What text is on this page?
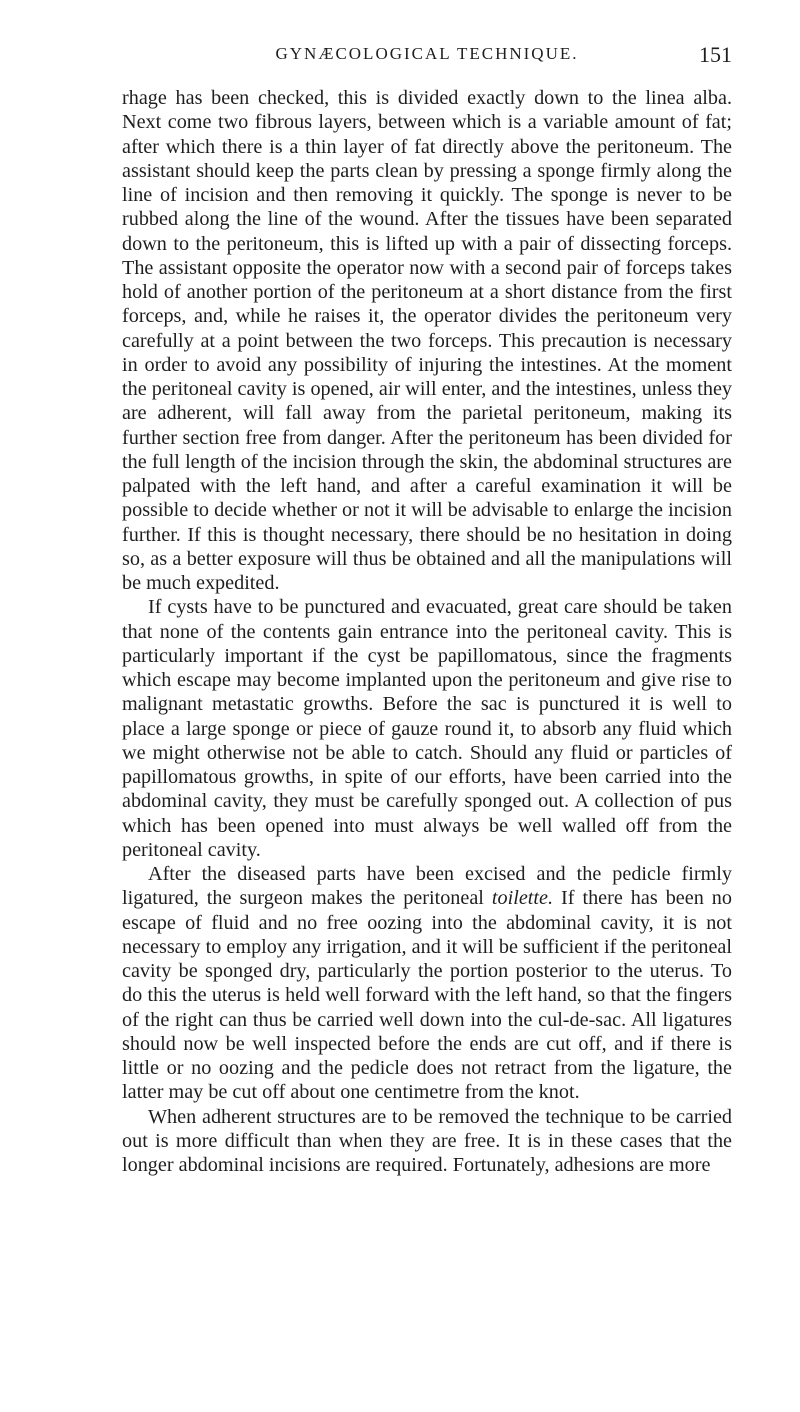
GYNÆCOLOGICAL TECHNIQUE.	151

rhage has been checked, this is divided exactly down to the linea alba. Next come two fibrous layers, between which is a variable amount of fat; after which there is a thin layer of fat directly above the peritoneum. The assistant should keep the parts clean by pressing a sponge firmly along the line of incision and then removing it quickly. The sponge is never to be rubbed along the line of the wound. After the tissues have been separated down to the peritoneum, this is lifted up with a pair of dissecting forceps. The assistant opposite the operator now with a second pair of forceps takes hold of another portion of the peritoneum at a short distance from the first forceps, and, while he raises it, the operator divides the peritoneum very carefully at a point between the two forceps. This precaution is necessary in order to avoid any possibility of injuring the intestines. At the moment the peritoneal cavity is opened, air will enter, and the intestines, unless they are adherent, will fall away from the parietal peritoneum, making its further section free from danger. After the peritoneum has been divided for the full length of the incision through the skin, the abdominal structures are palpated with the left hand, and after a careful examination it will be possible to decide whether or not it will be advisable to enlarge the incision further. If this is thought necessary, there should be no hesitation in doing so, as a better exposure will thus be obtained and all the manipulations will be much expedited.

If cysts have to be punctured and evacuated, great care should be taken that none of the contents gain entrance into the peritoneal cavity. This is particularly important if the cyst be papillomatous, since the fragments which escape may become implanted upon the peritoneum and give rise to malignant metastatic growths. Before the sac is punctured it is well to place a large sponge or piece of gauze round it, to absorb any fluid which we might otherwise not be able to catch. Should any fluid or particles of papillomatous growths, in spite of our efforts, have been carried into the abdominal cavity, they must be carefully sponged out. A collection of pus which has been opened into must always be well walled off from the peritoneal cavity.

After the diseased parts have been excised and the pedicle firmly ligatured, the surgeon makes the peritoneal toilette. If there has been no escape of fluid and no free oozing into the abdominal cavity, it is not necessary to employ any irrigation, and it will be sufficient if the peritoneal cavity be sponged dry, particularly the portion posterior to the uterus. To do this the uterus is held well forward with the left hand, so that the fingers of the right can thus be carried well down into the cul-de-sac. All ligatures should now be well inspected before the ends are cut off, and if there is little or no oozing and the pedicle does not retract from the ligature, the latter may be cut off about one centimetre from the knot.

When adherent structures are to be removed the technique to be carried out is more difficult than when they are free. It is in these cases that the longer abdominal incisions are required. Fortunately, adhesions are more
